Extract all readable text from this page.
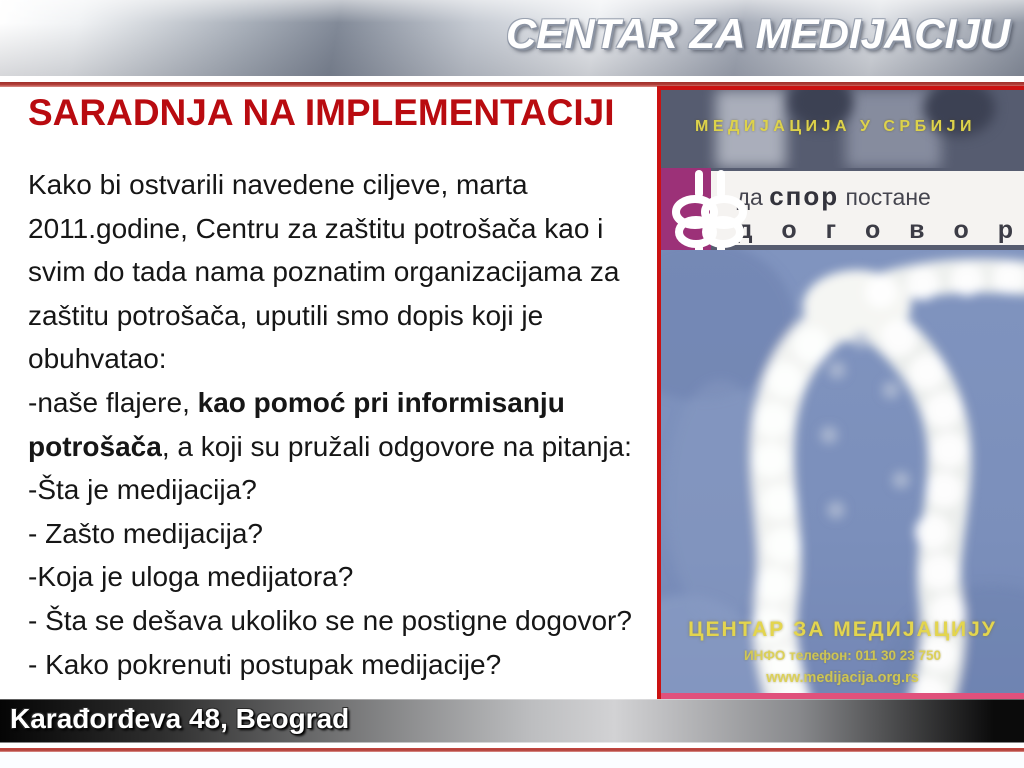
CENTAR ZA MEDIJACIJU
SARADNJA NA IMPLEMENTACIJI
Kako bi ostvarili navedene ciljeve, marta
2011.godine, Centru za zaštitu potrošača kao i
svim do tada nama poznatim organizacijama za
zaštitu potrošača, uputili smo dopis koji je
obuhvatao:
-naše flajere, kao pomoć pri informisanju
potrošača, a koji su pružali odgovore na pitanja:
-Šta je medijacija?
- Zašto medijacija?
-Koja je uloga medijatora?
- Šta se dešava ukoliko se ne postigne dogovor?
- Kako pokrenuti postupak medijacije?
МЕДИЈАЦИЈА У СРБИЈИ
да спор постане
д о г о в о р
ЦЕНТАР ЗА МЕДИЈАЦИЈУ
ИНФО телефон: 011 30 23 750
www.medijacija.org.rs
Karađorđeva 48, Beograd
